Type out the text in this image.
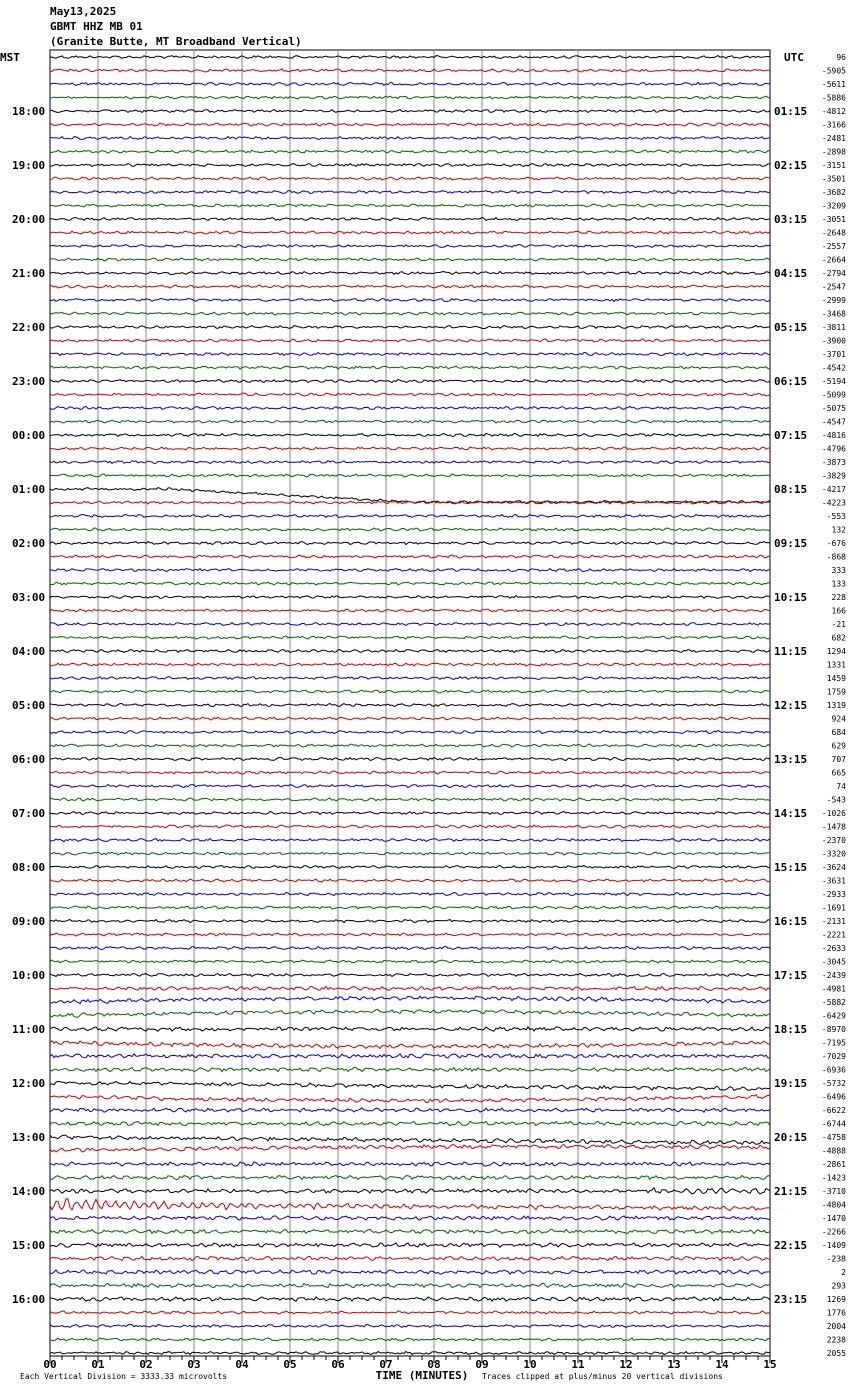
May13,2025
GBMT HHZ MB 01
(Granite Butte, MT Broadband Vertical)
96
-5905
-5611
-5886
-4812
-3166
-2481
-2898
-3151
-3501
-3682
-3209
-3051
-2648
-2557
-2664
-2794
-2547
-2999
-3468
-3811
-3900
-3701
-4542
-5194
-5099
-5075
-4547
-4816
-4796
-3873
-3829
-4217
-4223
-553
132
-676
-868
333
133
228
166
-21
682
1294
1331
1459
1759
1319
924
684
629
707
665
74
-543
-1026
-1478
-2370
-3320
-3624
-3631
-2933
-1691
-2131
-2221
-2633
-3045
-2439
-4981
-5882
-6429
-8970
-7195
-7029
-6936
-5732
-6496
-6622
-6744
-4758
-4888
-2861
-1423
-3710
-4804
-1470
-2266
-1409
-238
2
293
1269
1776
2004
2238
2055
MST	UTC
18:00
19:00
20:00
21:00
22:00
23:00
00:00
01:00
02:00
03:00
04:00
05:00
06:00
07:00
08:00
09:00
10:00
11:00
12:00
13:00
14:00
15:00
16:00
01:15
02:15
03:15
04:15
05:15
06:15
07:15
08:15
09:15
10:15
11:15
12:15
13:15
14:15
15:15
16:15
17:15
18:15
19:15
20:15
21:15
22:15
23:15
00	01	02	03	04	05	06	07	08	09	10	11	12	13	14	15
TIME (MINUTES)
Each Vertical Division = 3333.33 microvolts	Traces clipped at plus/minus 20 vertical divisions
